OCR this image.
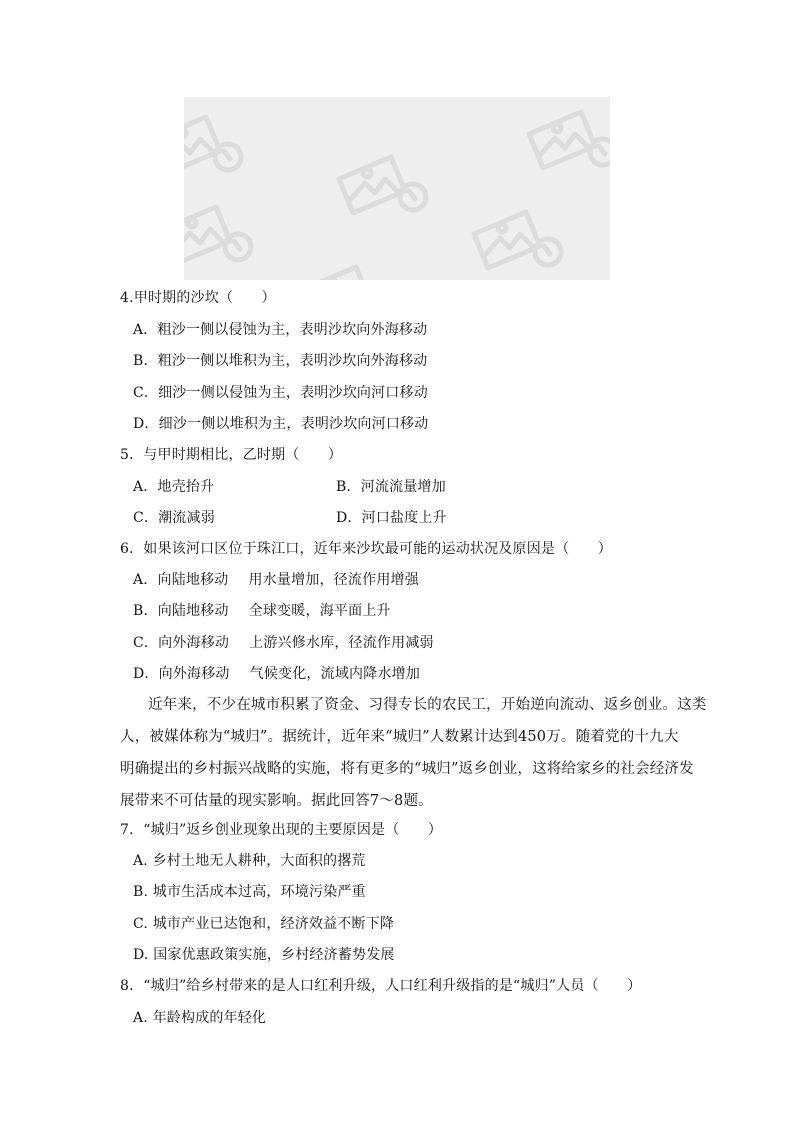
4.甲时期的沙坎（　　）
A．粗沙一侧以侵蚀为主，表明沙坎向外海移动
B．粗沙一侧以堆积为主，表明沙坎向外海移动
C．细沙一侧以侵蚀为主，表明沙坎向河口移动
D．细沙一侧以堆积为主，表明沙坎向河口移动
5．与甲时期相比，乙时期（　　）
A．地壳抬升	B．河流流量增加
C．潮流减弱	D．河口盐度上升
6．如果该河口区位于珠江口，近年来沙坎最可能的运动状况及原因是（　　）
A．向陆地移动 用水量增加，径流作用增强
B．向陆地移动 全球变暖，海平面上升
C．向外海移动 上游兴修水库，径流作用减弱
D．向外海移动 气候变化，流域内降水增加
近年来，不少在城市积累了资金、习得专长的农民工，开始逆向流动、返乡创业。这类
人，被媒体称为“城归”。据统计，近年来“城归”人数累计达到450万。随着党的十九大
明确提出的乡村振兴战略的实施，将有更多的“城归”返乡创业，这将给家乡的社会经济发
展带来不可估量的现实影响。据此回答7～8题。
7．“城归”返乡创业现象出现的主要原因是（　　）
A. 乡村土地无人耕种，大面积的撂荒
B. 城市生活成本过高，环境污染严重
C. 城市产业已达饱和，经济效益不断下降
D. 国家优惠政策实施，乡村经济蓄势发展
8．“城归”给乡村带来的是人口红利升级，人口红利升级指的是“城归”人员（　　）
A. 年龄构成的年轻化
